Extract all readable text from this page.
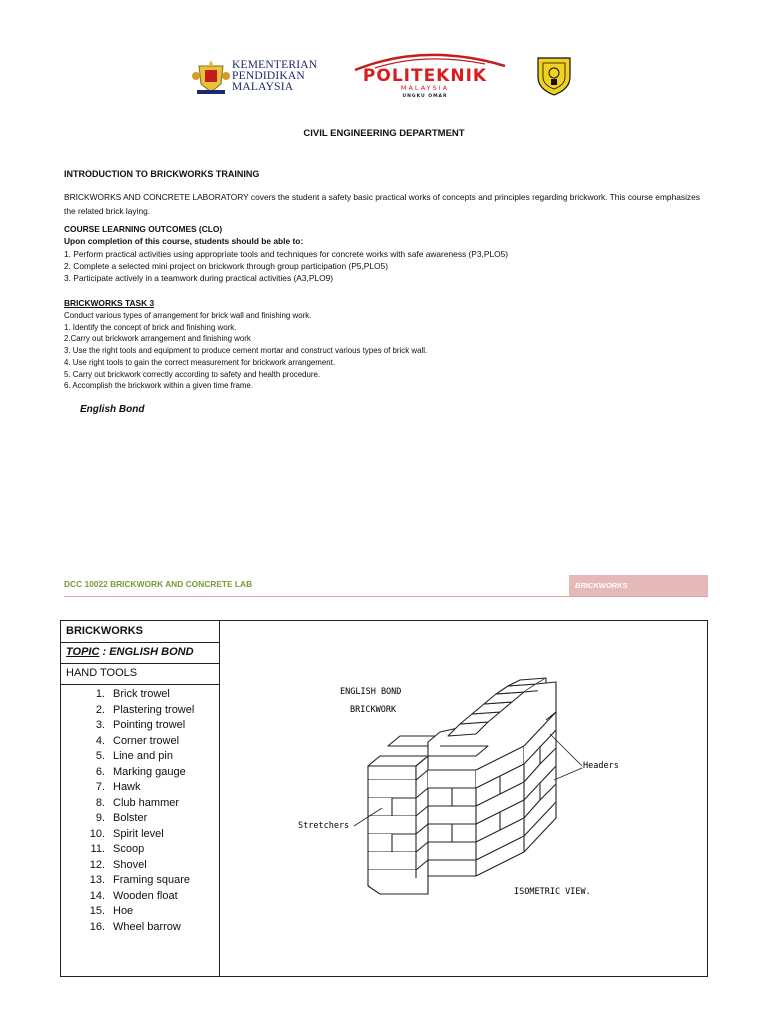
KEMENTERIAN
PENDIDIKAN
MALAYSIA
POLITEKNIK
MALAYSIA
UNGKU OMAR
CIVIL ENGINEERING DEPARTMENT
INTRODUCTION TO BRICKWORKS TRAINING
BRICKWORKS AND CONCRETE LABORATORY covers the student a safety basic practical works of concepts and principles regarding brickwork. This course emphasizes the related brick laying.
COURSE LEARNING OUTCOMES (CLO)
Upon completion of this course, students should be able to:
1. Perform practical activities using appropriate tools and techniques for concrete works with safe awareness (P3,PLO5)
2. Complete a selected mini project on brickwork through group participation (P5,PLO5)
3. Participate actively in a teamwork during practical activities (A3,PLO9)
BRICKWORKS TASK 3
Conduct various types of arrangement for brick wall and finishing work.
1. Identify the concept of brick and finishing work.
2.Carry out brickwork arrangement and finishing work
3. Use the right tools and equipment to produce cement mortar and construct various types of brick wall.
4. Use right tools to gain the correct measurement for brickwork arrangement.
5. Carry out brickwork correctly according to safety and health procedure.
6. Accomplish the brickwork within a given time frame.
English Bond
DCC 10022 BRICKWORK AND CONCRETE LAB	BRICKWORKS
BRICKWORKS
TOPIC : ENGLISH BOND
HAND TOOLS
1. Brick trowel
2. Plastering trowel
3. Pointing trowel
4. Corner trowel
5. Line and pin
6. Marking gauge
7. Hawk
8. Club hammer
9. Bolster
10. Spirit level
11. Scoop
12. Shovel
13. Framing square
14. Wooden float
15. Hoe
16. Wheel barrow
ENGLISH BOND
BRICKWORK
Headers
Stretchers
ISOMETRIC VIEW.
